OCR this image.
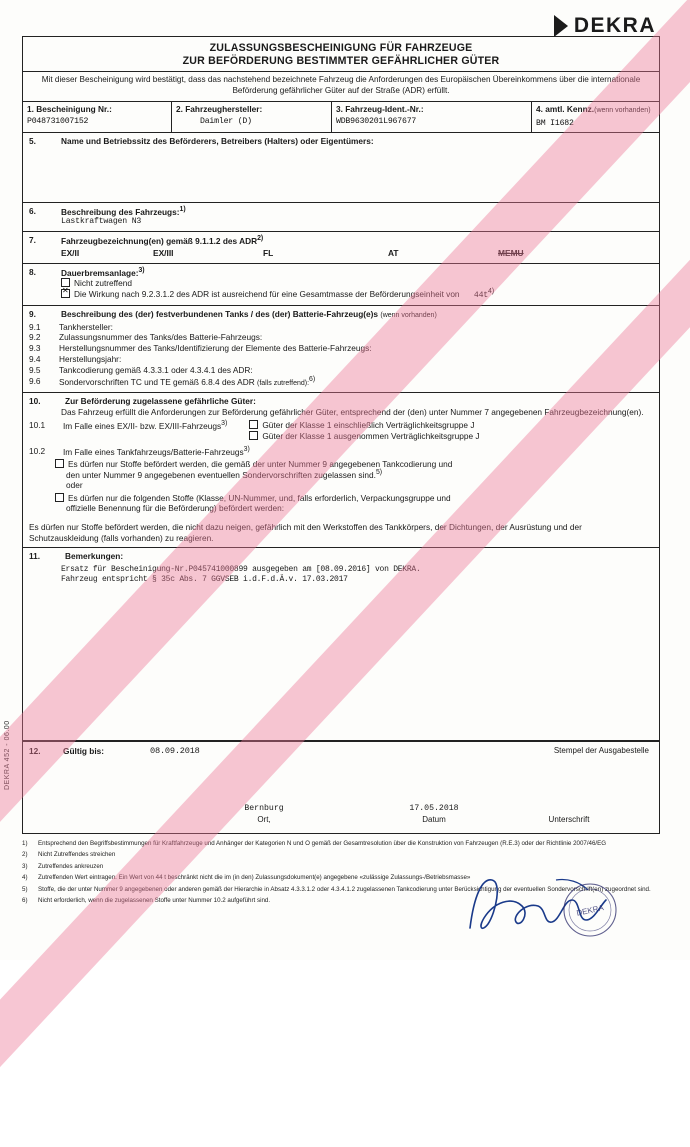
DEKRA
DEKRA 452 - 06.00
ZULASSUNGSBESCHEINIGUNG FÜR FAHRZEUGE
ZUR BEFÖRDERUNG BESTIMMTER GEFÄHRLICHER GÜTER
Mit dieser Bescheinigung wird bestätigt, dass das nachstehend bezeichnete Fahrzeug die Anforderungen des Europäischen Übereinkommens über die internationale Beförderung gefährlicher Güter auf der Straße (ADR) erfüllt.
1. Bescheinigung Nr.:
P048731007152
2. Fahrzeughersteller:
Daimler (D)
3. Fahrzeug-Ident.-Nr.:
WDB9630201L967677
4. amtl. Kennz.(wenn vorhanden)
BM I1682
5.	Name und Betriebssitz des Beförderers, Betreibers (Halters) oder Eigentümers:
6.	Beschreibung des Fahrzeugs:$^{1)}$
Lastkraftwagen N3
7.	Fahrzeugbezeichnung(en) gemäß 9.1.1.2 des ADR$^{2)}$
EX/II	EX/III	FL	AT	MEMU
8.	Dauerbremsanlage:$^{3)}$
Nicht zutreffend
✕Die Wirkung nach 9.2.3.1.2 des ADR ist ausreichend für eine Gesamtmasse der Beförderungseinheit von $44t^{4)}$
9.	Beschreibung des (der) festverbundenen Tanks / des (der) Batterie-Fahrzeug(e)s (wenn vorhanden)
9.1	Tankhersteller:
9.2	Zulassungsnummer des Tanks/des Batterie-Fahrzeugs:
9.3	Herstellungsnummer des Tanks/Identifizierung der Elemente des Batterie-Fahrzeugs:
9.4	Herstellungsjahr:
9.5	Tankcodierung gemäß 4.3.3.1 oder 4.3.4.1 des ADR:
9.6	Sondervorschriften TC und TE gemäß 6.8.4 des ADR (falls zutreffend):$^{6)}$
10.	Zur Beförderung zugelassene gefährliche Güter:
Das Fahrzeug erfüllt die Anforderungen zur Beförderung gefährlicher Güter, entsprechend der (den) unter Nummer 7 angegebenen Fahrzeugbezeichnung(en).
10.1	Im Falle eines EX/II- bzw. EX/III-Fahrzeugs$^{3)}$	Güter der Klasse 1 einschließlich Verträglichkeitsgruppe J
Güter der Klasse 1 ausgenommen Verträglichkeitsgruppe J
10.2	Im Falle eines Tankfahrzeugs/Batterie-Fahrzeugs$^{3)}$
Es dürfen nur Stoffe befördert werden, die gemäß der unter Nummer 9 angegebenen Tankcodierung und
den unter Nummer 9 angegebenen eventuellen Sondervorschriften zugelassen sind.$^{5)}$
oder
Es dürfen nur die folgenden Stoffe (Klasse, UN-Nummer, und, falls erforderlich, Verpackungsgruppe und
offizielle Benennung für die Beförderung) befördert werden:
Es dürfen nur Stoffe befördert werden, die nicht dazu neigen, gefährlich mit den Werkstoffen des Tankkörpers, der Dichtungen, der Ausrüstung und der Schutzauskleidung (falls vorhanden) zu reagieren.
11.	Bemerkungen:
Ersatz für Bescheinigung-Nr.P045741000899 ausgegeben am [08.09.2016] von DEKRA.
Fahrzeug entspricht § 35c Abs. 7 GGVSEB i.d.F.d.Ä.v. 17.03.2017
12.	Gültig bis:	08.09.2018	Stempel der Ausgabestelle
Bernburg
Ort,
17.05.2018
Datum
	Unterschrift
DEKRA
1)	Entsprechend den Begriffsbestimmungen für Kraftfahrzeuge und Anhänger der Kategorien N und O gemäß der Gesamtresolution über die Konstruktion von Fahrzeugen (R.E.3) oder der Richtlinie 2007/46/EG
2)	Nicht Zutreffendes streichen
3)	Zutreffendes ankreuzen
4)	Zutreffenden Wert eintragen. Ein Wert von 44 t beschränkt nicht die im (in den) Zulassungsdokument(e) angegebene «zulässige Zulassungs-/Betriebsmasse»
5)	Stoffe, die der unter Nummer 9 angegebenen oder anderen gemäß der Hierarchie in Absatz 4.3.3.1.2 oder 4.3.4.1.2 zugelassenen Tankcodierung unter Berücksichtigung der eventuellen Sondervorschrift(en) zugeordnet sind.
6)	Nicht erforderlich, wenn die zugelassenen Stoffe unter Nummer 10.2 aufgeführt sind.
